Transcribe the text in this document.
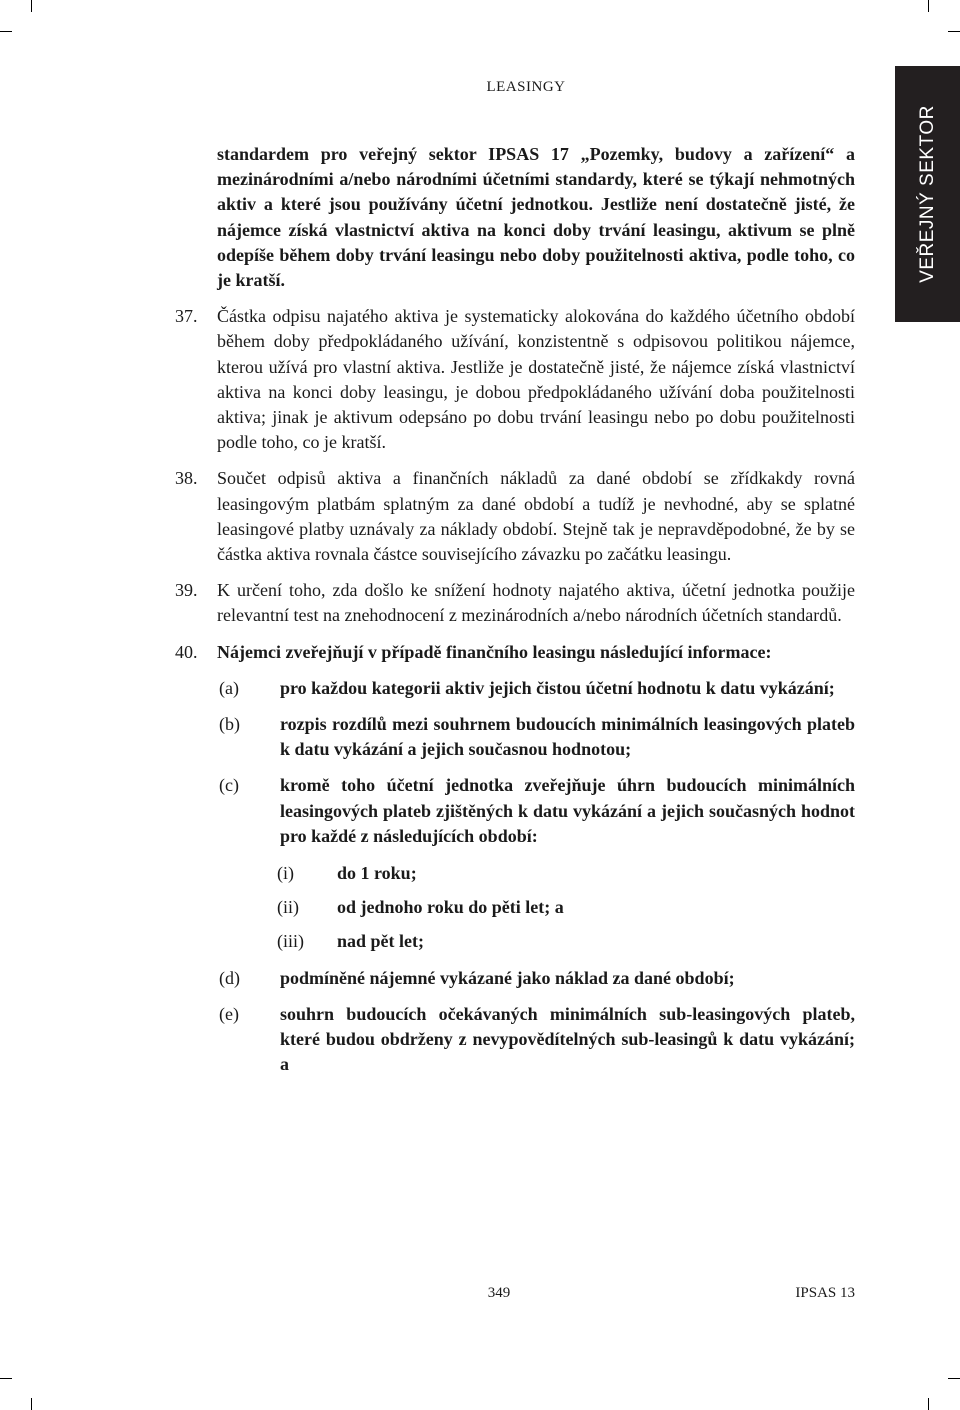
LEASINGY
VEŘEJNÝ SEKTOR

standardem pro veřejný sektor IPSAS 17 „Pozemky, budovy a zařízení“ a mezinárodními a/nebo národními účetními standardy, které se týkají nehmotných aktiv a které jsou používány účetní jednotkou. Jestliže není dostatečně jisté, že nájemce získá vlastnictví aktiva na konci doby trvání leasingu, aktivum se plně odepíše během doby trvání leasingu nebo doby použitelnosti aktiva, podle toho, co je kratší.

37. Částka odpisu najatého aktiva je systematicky alokována do každého účetního období během doby předpokládaného užívání, konzistentně s odpisovou politikou nájemce, kterou užívá pro vlastní aktiva. Jestliže je dostatečně jisté, že nájemce získá vlastnictví aktiva na konci doby leasingu, je dobou předpokládaného užívání doba použitelnosti aktiva; jinak je aktivum odepsáno po dobu trvání leasingu nebo po dobu použitelnosti podle toho, co je kratší.

38. Součet odpisů aktiva a finančních nákladů za dané období se zřídkakdy rovná leasingovým platbám splatným za dané období a tudíž je nevhodné, aby se splatné leasingové platby uznávaly za náklady období. Stejně tak je nepravděpodobné, že by se částka aktiva rovnala částce souvisejícího závazku po začátku leasingu.

39. K určení toho, zda došlo ke snížení hodnoty najatého aktiva, účetní jednotka použije relevantní test na znehodnocení z mezinárodních a/nebo národních účetních standardů.

40. Nájemci zveřejňují v případě finančního leasingu následující informace:

(a) pro každou kategorii aktiv jejich čistou účetní hodnotu k datu vykázání;

(b) rozpis rozdílů mezi souhrnem budoucích minimálních leasingových plateb k datu vykázání a jejich současnou hodnotou;

(c) kromě toho účetní jednotka zveřejňuje úhrn budoucích minimálních leasingových plateb zjištěných k datu vykázání a jejich současných hodnot pro každé z následujících období:

(i) do 1 roku;

(ii) od jednoho roku do pěti let; a

(iii) nad pět let;

(d) podmíněné nájemné vykázané jako náklad za dané období;

(e) souhrn budoucích očekávaných minimálních sub-leasingových plateb, které budou obdrženy z nevypovědítelných sub-leasingů k datu vykázání; a

349	IPSAS 13
